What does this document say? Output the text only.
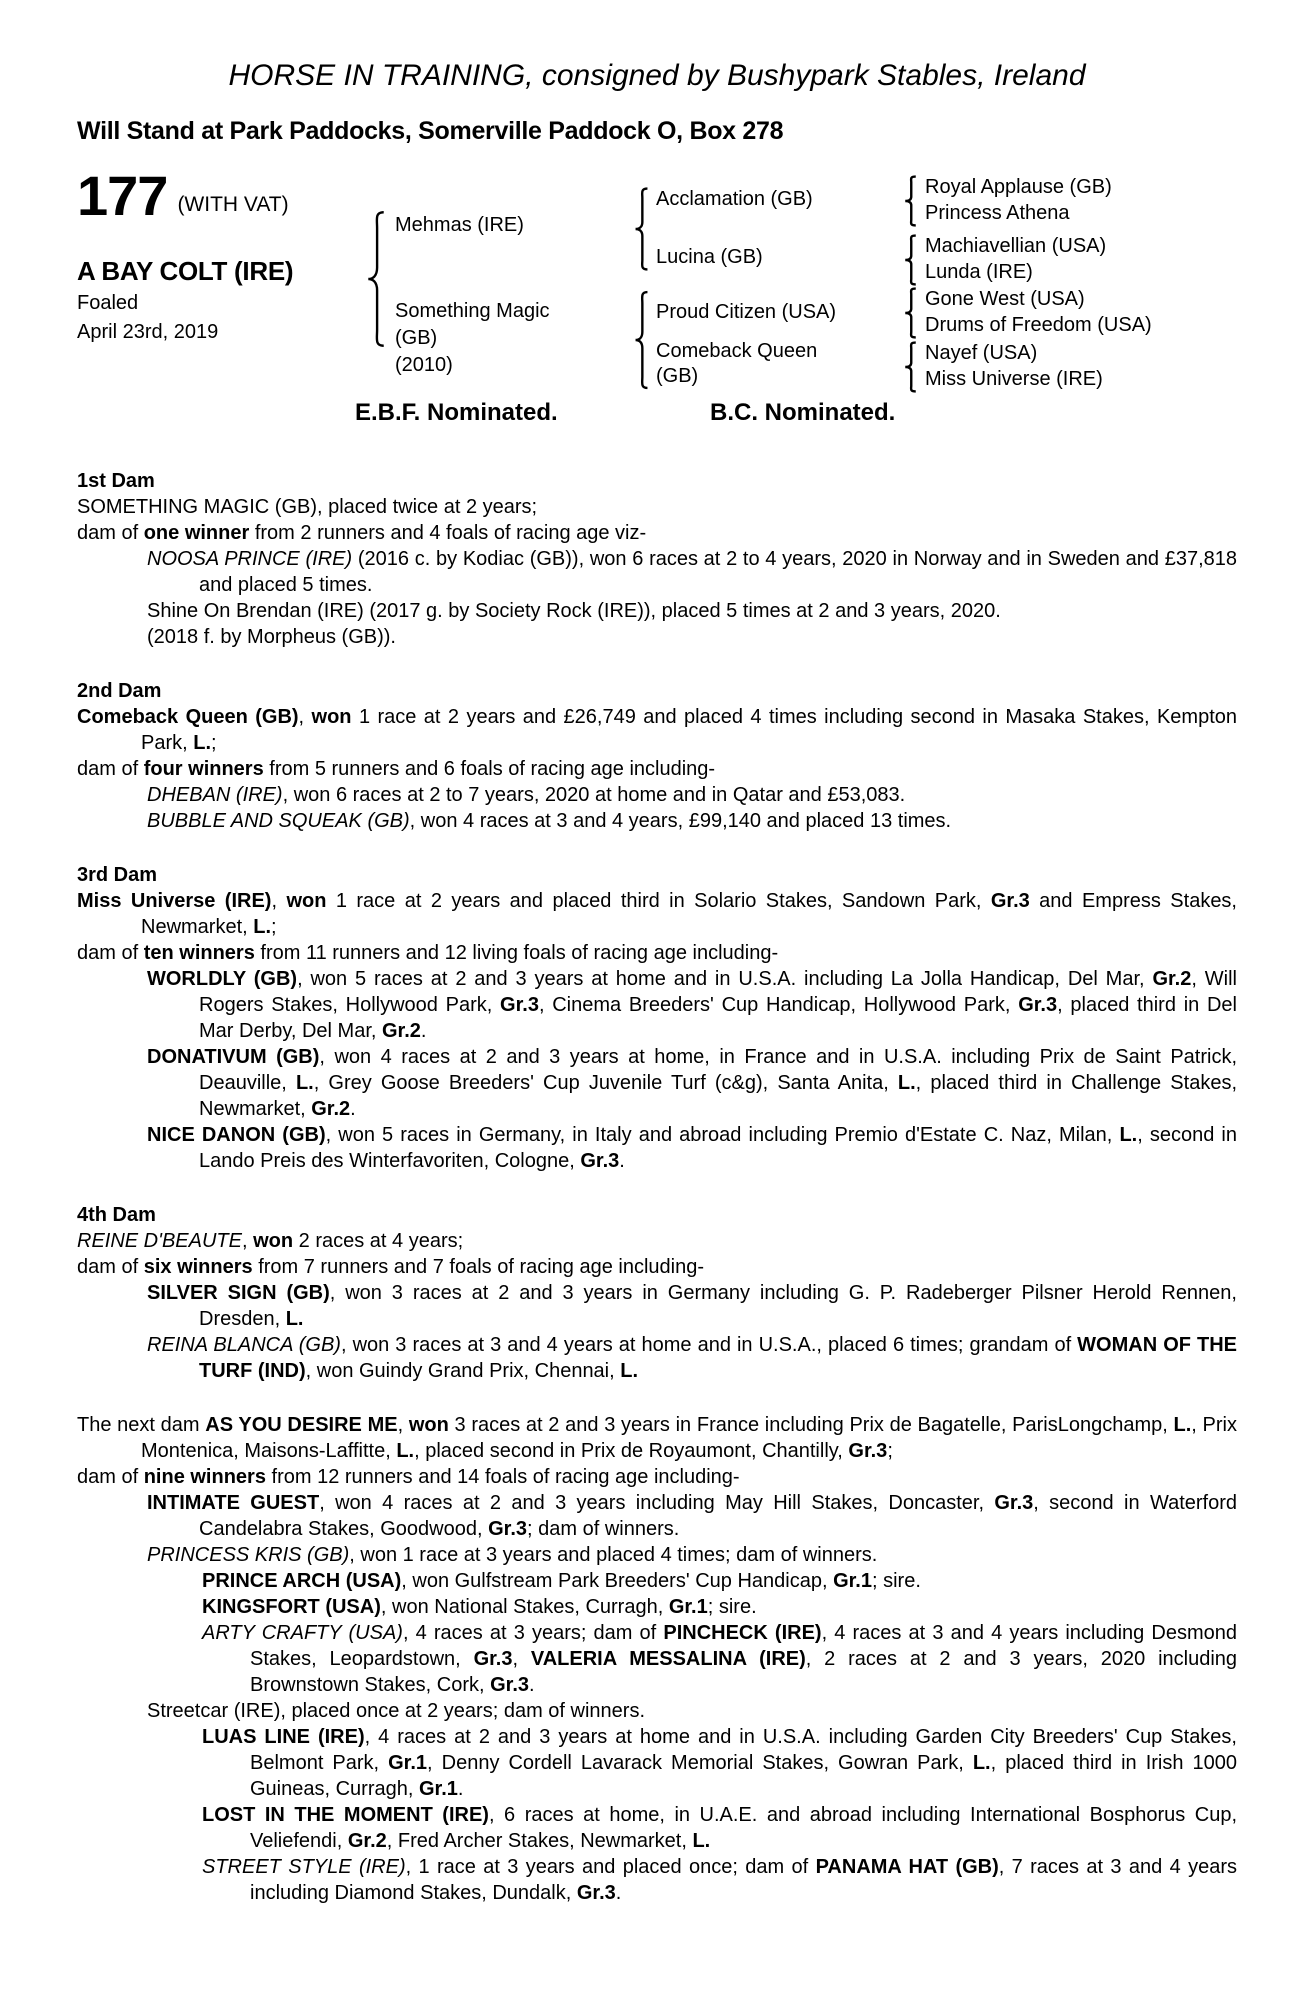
HORSE IN TRAINING, consigned by Bushypark Stables, Ireland
Will Stand at Park Paddocks, Somerville Paddock O, Box 278
177 (WITH VAT)
A BAY COLT (IRE)
Foaled
April 23rd, 2019
Mehmas (IRE)
Something Magic (GB)
(2010)
Acclamation (GB)
Lucina (GB)
Proud Citizen (USA)
Comeback Queen (GB)
Royal Applause (GB)
Princess Athena
Machiavellian (USA)
Lunda (IRE)
Gone West (USA)
Drums of Freedom (USA)
Nayef (USA)
Miss Universe (IRE)
E.B.F. Nominated.	B.C. Nominated.
1st Dam
SOMETHING MAGIC (GB), placed twice at 2 years;
dam of one winner from 2 runners and 4 foals of racing age viz-
NOOSA PRINCE (IRE) (2016 c. by Kodiac (GB)), won 6 races at 2 to 4 years, 2020 in Norway and in Sweden and £37,818 and placed 5 times.
Shine On Brendan (IRE) (2017 g. by Society Rock (IRE)), placed 5 times at 2 and 3 years, 2020.
(2018 f. by Morpheus (GB)).
2nd Dam
Comeback Queen (GB), won 1 race at 2 years and £26,749 and placed 4 times including second in Masaka Stakes, Kempton Park, L.;
dam of four winners from 5 runners and 6 foals of racing age including-
DHEBAN (IRE), won 6 races at 2 to 7 years, 2020 at home and in Qatar and £53,083.
BUBBLE AND SQUEAK (GB), won 4 races at 3 and 4 years, £99,140 and placed 13 times.
3rd Dam
Miss Universe (IRE), won 1 race at 2 years and placed third in Solario Stakes, Sandown Park, Gr.3 and Empress Stakes, Newmarket, L.;
dam of ten winners from 11 runners and 12 living foals of racing age including-
WORLDLY (GB), won 5 races at 2 and 3 years at home and in U.S.A. including La Jolla Handicap, Del Mar, Gr.2, Will Rogers Stakes, Hollywood Park, Gr.3, Cinema Breeders' Cup Handicap, Hollywood Park, Gr.3, placed third in Del Mar Derby, Del Mar, Gr.2.
DONATIVUM (GB), won 4 races at 2 and 3 years at home, in France and in U.S.A. including Prix de Saint Patrick, Deauville, L., Grey Goose Breeders' Cup Juvenile Turf (c&g), Santa Anita, L., placed third in Challenge Stakes, Newmarket, Gr.2.
NICE DANON (GB), won 5 races in Germany, in Italy and abroad including Premio d'Estate C. Naz, Milan, L., second in Lando Preis des Winterfavoriten, Cologne, Gr.3.
4th Dam
REINE D'BEAUTE, won 2 races at 4 years;
dam of six winners from 7 runners and 7 foals of racing age including-
SILVER SIGN (GB), won 3 races at 2 and 3 years in Germany including G. P. Radeberger Pilsner Herold Rennen, Dresden, L.
REINA BLANCA (GB), won 3 races at 3 and 4 years at home and in U.S.A., placed 6 times; grandam of WOMAN OF THE TURF (IND), won Guindy Grand Prix, Chennai, L.
The next dam AS YOU DESIRE ME, won 3 races at 2 and 3 years in France including Prix de Bagatelle, ParisLongchamp, L., Prix Montenica, Maisons-Laffitte, L., placed second in Prix de Royaumont, Chantilly, Gr.3;
dam of nine winners from 12 runners and 14 foals of racing age including-
INTIMATE GUEST, won 4 races at 2 and 3 years including May Hill Stakes, Doncaster, Gr.3, second in Waterford Candelabra Stakes, Goodwood, Gr.3; dam of winners.
PRINCESS KRIS (GB), won 1 race at 3 years and placed 4 times; dam of winners.
PRINCE ARCH (USA), won Gulfstream Park Breeders' Cup Handicap, Gr.1; sire.
KINGSFORT (USA), won National Stakes, Curragh, Gr.1; sire.
ARTY CRAFTY (USA), 4 races at 3 years; dam of PINCHECK (IRE), 4 races at 3 and 4 years including Desmond Stakes, Leopardstown, Gr.3, VALERIA MESSALINA (IRE), 2 races at 2 and 3 years, 2020 including Brownstown Stakes, Cork, Gr.3.
Streetcar (IRE), placed once at 2 years; dam of winners.
LUAS LINE (IRE), 4 races at 2 and 3 years at home and in U.S.A. including Garden City Breeders' Cup Stakes, Belmont Park, Gr.1, Denny Cordell Lavarack Memorial Stakes, Gowran Park, L., placed third in Irish 1000 Guineas, Curragh, Gr.1.
LOST IN THE MOMENT (IRE), 6 races at home, in U.A.E. and abroad including International Bosphorus Cup, Veliefendi, Gr.2, Fred Archer Stakes, Newmarket, L.
STREET STYLE (IRE), 1 race at 3 years and placed once; dam of PANAMA HAT (GB), 7 races at 3 and 4 years including Diamond Stakes, Dundalk, Gr.3.
